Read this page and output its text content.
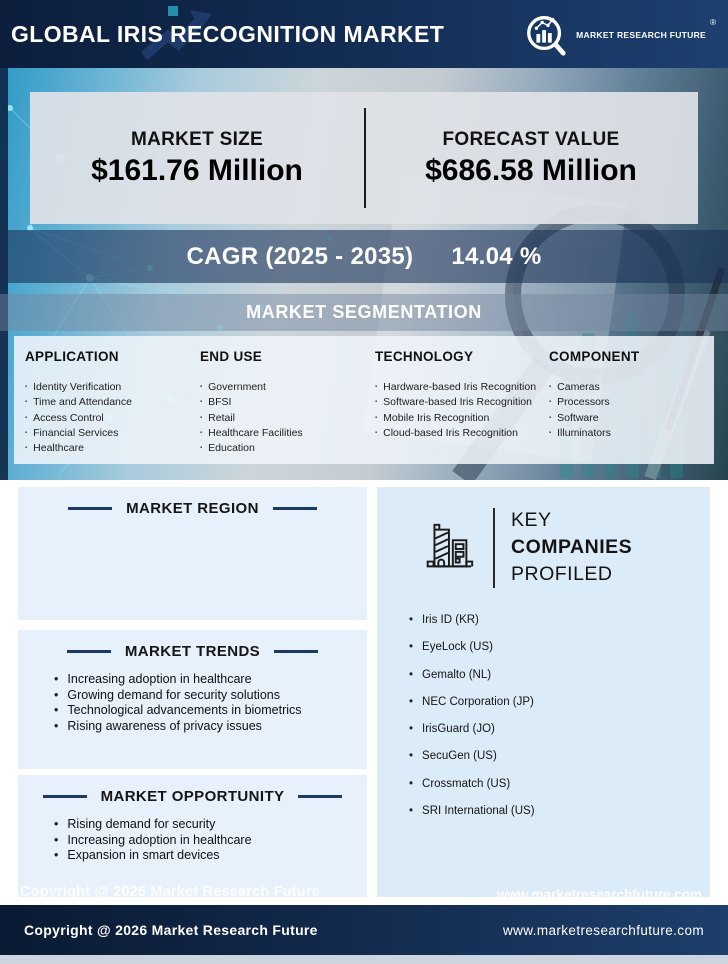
GLOBAL IRIS RECOGNITION MARKET	MARKET RESEARCH FUTURE
®
MARKET SIZE
$161.76 Million
FORECAST VALUE
$686.58 Million
CAGR (2025 - 2035) 14.04 %
MARKET SEGMENTATION
APPLICATION
▪ Identity Verification
▪ Time and Attendance
▪ Access Control
▪ Financial Services
▪ Healthcare
END USE
▪ Government
▪ BFSI
▪ Retail
▪ Healthcare Facilities
▪ Education
TECHNOLOGY
▪ Hardware-based Iris Recognition
▪ Software-based Iris Recognition
▪ Mobile Iris Recognition
▪ Cloud-based Iris Recognition
COMPONENT
▪ Cameras
▪ Processors
▪ Software
▪ Illuminators
MARKET REGION
MARKET TRENDS
• Increasing adoption in healthcare
• Growing demand for security solutions
• Technological advancements in biometrics
• Rising awareness of privacy issues
MARKET OPPORTUNITY
• Rising demand for security
• Increasing adoption in healthcare
• Expansion in smart devices
KEY
COMPANIES
PROFILED
• Iris ID (KR)
• EyeLock (US)
• Gemalto (NL)
• NEC Corporation (JP)
• IrisGuard (JO)
• SecuGen (US)
• Crossmatch (US)
• SRI International (US)
Copyright @ 2025 Market Research Future	www.marketresearchfuture.com
Copyright @ 2026 Market Research Future	www.marketresearchfuture.com
